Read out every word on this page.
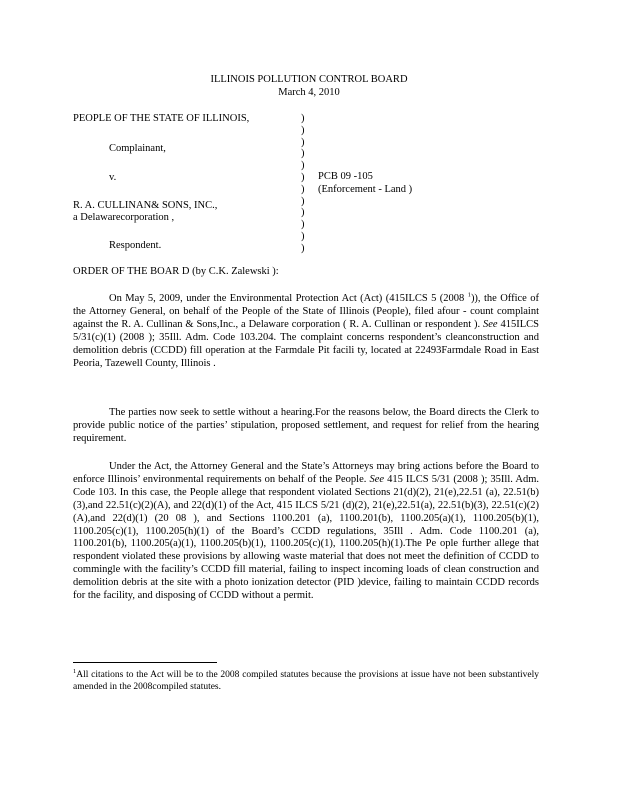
ILLINOIS POLLUTION CONTROL BOARD
March 4, 2010
PEOPLE OF THE STATE OF ILLINOIS,
Complainant,
v.
R. A. CULLINAN& SONS, INC.,
a Delawarecorporation ,
Respondent.
)
)
)
)
)
)
)
)
)
)
)
)
PCB 09 -105
(Enforcement - Land )
ORDER OF THE BOAR D (by C.K. Zalewski ):

On May 5, 2009, under the Environmental Protection Act (Act) (415ILCS 5 (2008 $^1$)), the Office of the Attorney General, on behalf of the People of the State of Illinois (People), filed afour - count complaint against the R. A. Cullinan & Sons,Inc., a Delaware corporation ( R. A. Cullinan or respondent ). See 415ILCS 5/31(c)(1) (2008 ); 35Ill. Adm. Code 103.204. The complaint concerns respondent’s cleanconstruction and demolition debris (CCDD) fill operation at the Farmdale Pit facili ty, located at 22493Farmdale Road in East Peoria, Tazewell County, Illinois .

The parties now seek to settle without a hearing.For the reasons below, the Board directs the Clerk to provide public notice of the parties’ stipulation, proposed settlement, and request for relief from the hearing requirement.

Under the Act, the Attorney General and the State’s Attorneys may bring actions before the Board to enforce Illinois’ environmental requirements on behalf of the People. See 415 ILCS 5/31 (2008 ); 35Ill. Adm. Code 103. In this case, the People allege that respondent violated Sections 21(d)(2), 21(e),22.51 (a), 22.51(b)(3),and 22.51(c)(2)(A), and 22(d)(1) of the Act, 415 ILCS 5/21 (d)(2), 21(e),22.51(a), 22.51(b)(3), 22.51(c)(2)(A),and 22(d)(1) (20 08 ), and Sections 1100.201 (a), 1100.201(b), 1100.205(a)(1), 1100.205(b)(1), 1100.205(c)(1), 1100.205(h)(1) of the Board’s CCDD regulations, 35Ill . Adm. Code 1100.201 (a), 1100.201(b), 1100.205(a)(1), 1100.205(b)(1), 1100.205(c)(1), 1100.205(h)(1).The Pe ople further allege that respondent violated these provisions by allowing waste material that does not meet the definition of CCDD to commingle with the facility’s CCDD fill material, failing to inspect incoming loads of clean construction and demolition debris at the site with a photo ionization detector (PID )device, failing to maintain CCDD records for the facility, and disposing of CCDD without a permit.

$^1$All citations to the Act will be to the 2008 compiled statutes because the provisions at issue have not been substantively amended in the 2008compiled statutes.
